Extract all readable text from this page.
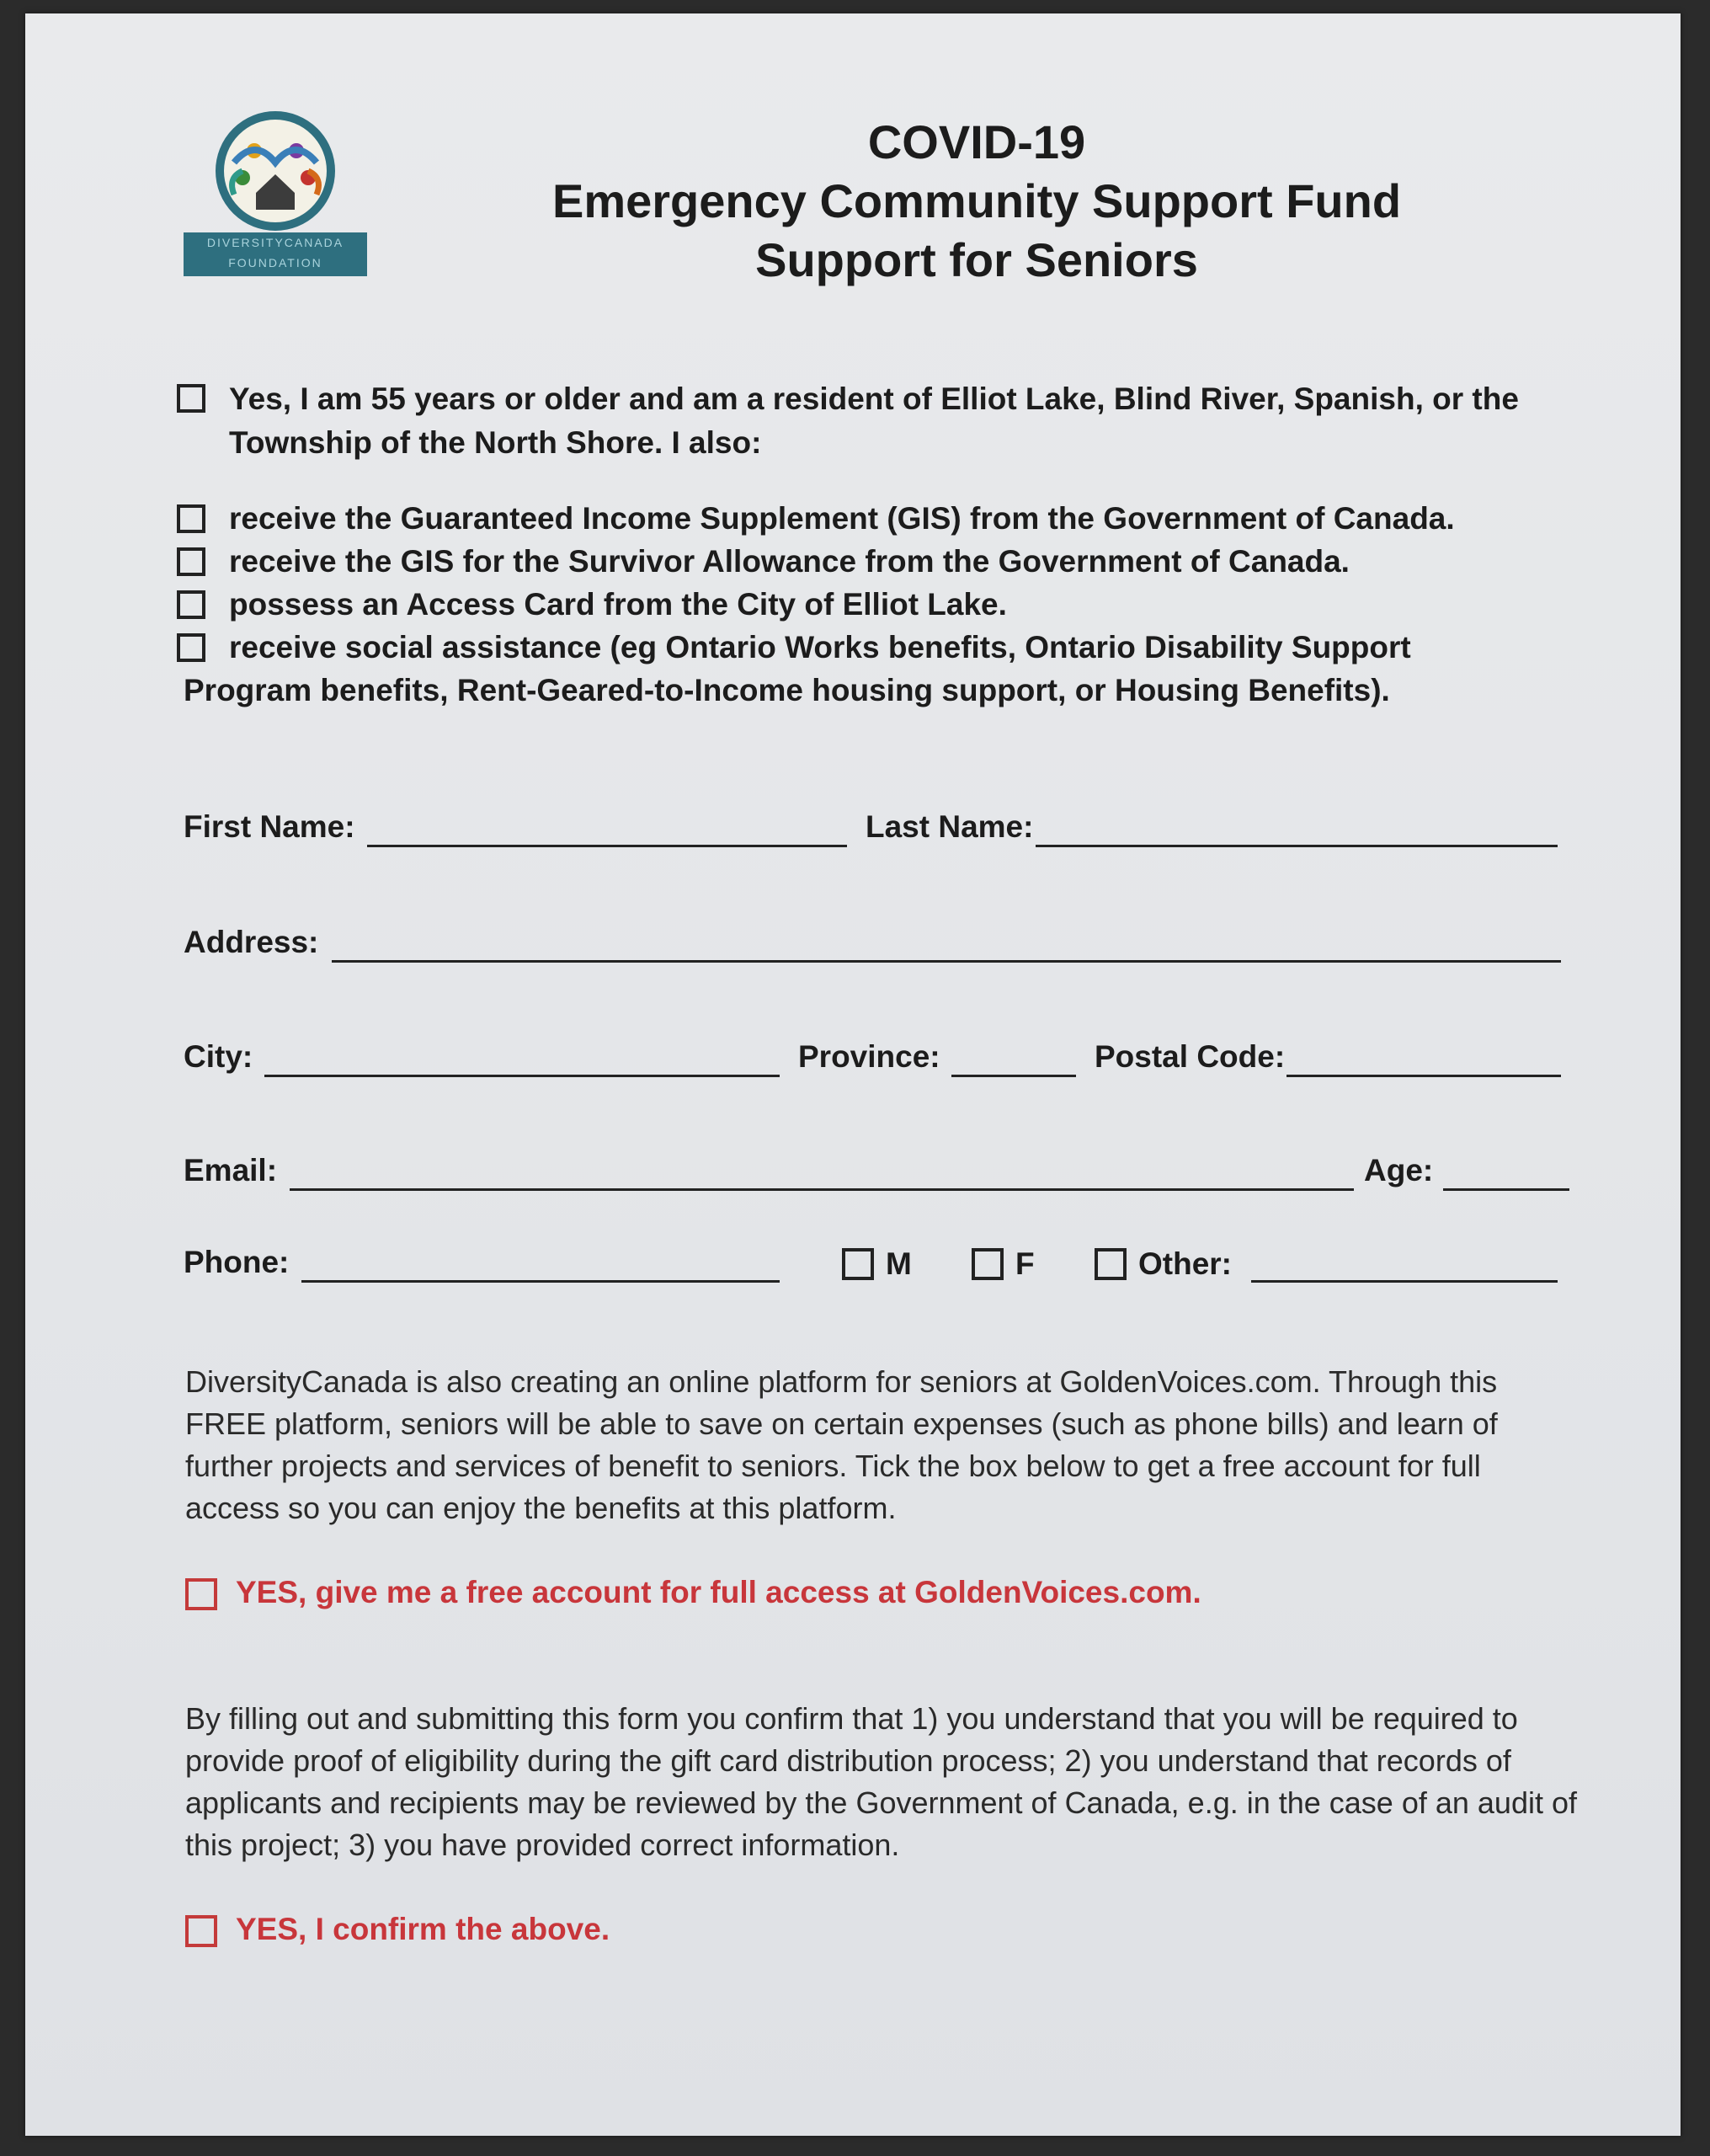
DIVERSITYCANADA
FOUNDATION
COVID-19
Emergency Community Support Fund
Support for Seniors
Yes, I am 55 years or older and am a resident of Elliot Lake, Blind River, Spanish, or the Township of the North Shore. I also:
receive the Guaranteed Income Supplement (GIS) from the Government of Canada.
receive the GIS for the Survivor Allowance from the Government of Canada.
possess an Access Card from the City of Elliot Lake.
receive social assistance (eg Ontario Works benefits, Ontario Disability Support
Program benefits, Rent-Geared-to-Income housing support, or Housing Benefits).
First Name:	Last Name:
Address:
City:	Province:	Postal Code:
Email:	Age:
Phone:	M	F	Other:
DiversityCanada is also creating an online platform for seniors at GoldenVoices.com. Through this FREE platform, seniors will be able to save on certain expenses (such as phone bills) and learn of further projects and services of benefit to seniors. Tick the box below to get a free account for full access so you can enjoy the benefits at this platform.
YES, give me a free account for full access at GoldenVoices.com.
By filling out and submitting this form you confirm that 1) you understand that you will be required to provide proof of eligibility during the gift card distribution process; 2) you understand that records of applicants and recipients may be reviewed by the Government of Canada, e.g. in the case of an audit of this project; 3) you have provided correct information.
YES, I confirm the above.
